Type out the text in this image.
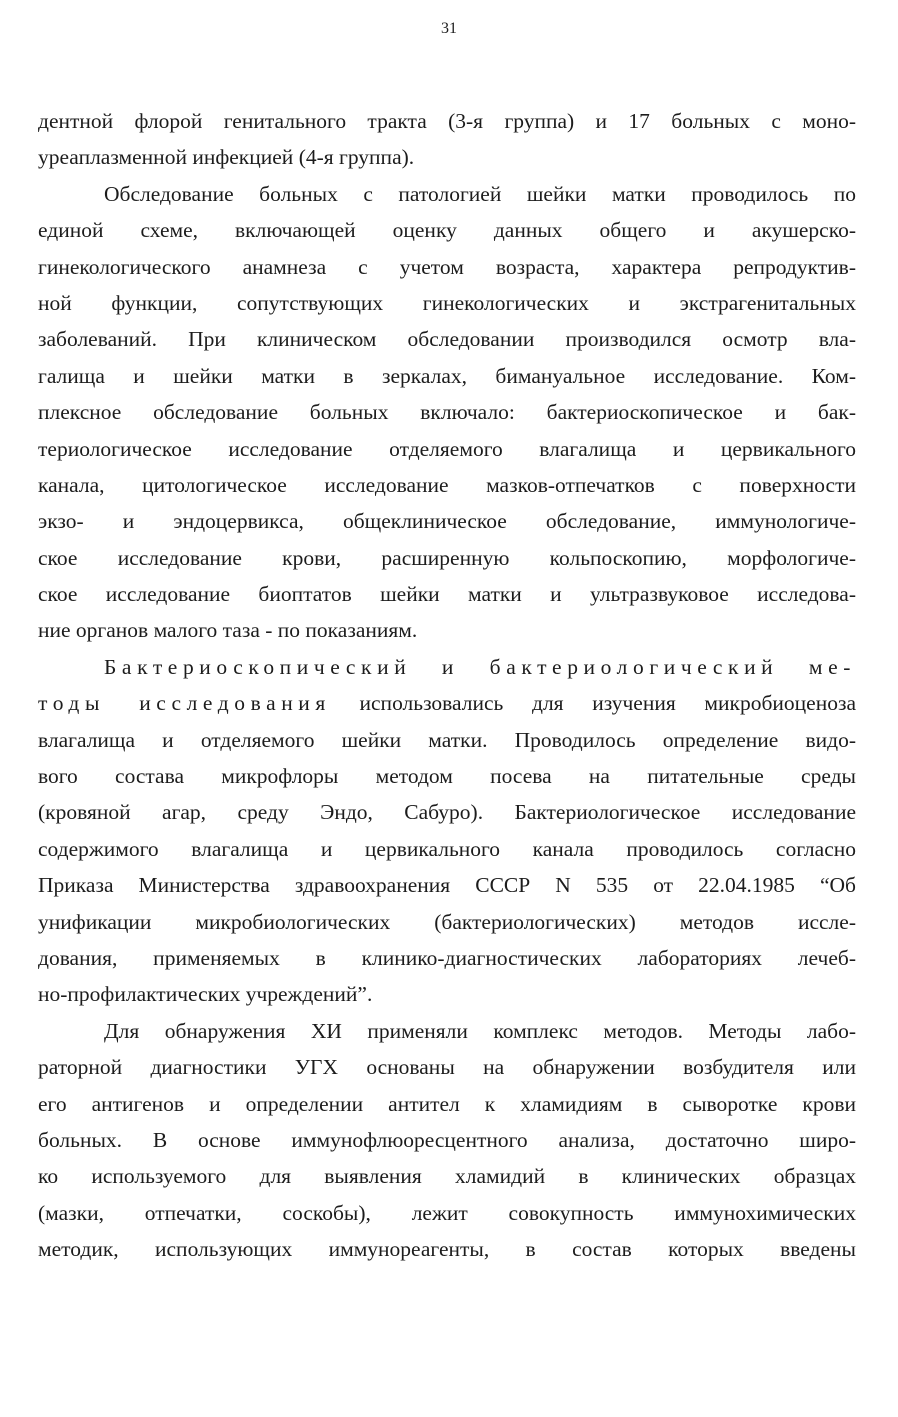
31
дентной флорой генитального тракта (3-я группа) и 17 больных с моно-
уреаплазменной инфекцией (4-я группа).
Обследование больных с патологией шейки матки проводилось по
единой схеме, включающей оценку данных общего и акушерско-
гинекологического анамнеза с учетом возраста, характера репродуктив-
ной функции, сопутствующих гинекологических и экстрагенитальных
заболеваний. При клиническом обследовании производился осмотр вла-
галища и шейки матки в зеркалах, бимануальное исследование. Ком-
плексное обследование больных включало: бактериоскопическое и бак-
териологическое исследование отделяемого влагалища и цервикального
канала, цитологическое исследование мазков-отпечатков с поверхности
экзо- и эндоцервикса, общеклиническое обследование, иммунологиче-
ское исследование крови, расширенную кольпоскопию, морфологиче-
ское исследование биоптатов шейки матки и ультразвуковое исследова-
ние органов малого таза - по показаниям.
Бактериоскопический и бактериологический ме-
тоды исследования использовались для изучения микробиоценоза
влагалища и отделяемого шейки матки. Проводилось определение видо-
вого состава микрофлоры методом посева на питательные среды
(кровяной агар, среду Эндо, Сабуро). Бактериологическое исследование
содержимого влагалища и цервикального канала проводилось согласно
Приказа Министерства здравоохранения СССР N 535 от 22.04.1985 “Об
унификации микробиологических (бактериологических) методов иссле-
дования, применяемых в клинико-диагностических лабораториях лечеб-
но-профилактических учреждений”.
Для обнаружения ХИ применяли комплекс методов. Методы лабо-
раторной диагностики УГХ основаны на обнаружении возбудителя или
его антигенов и определении антител к хламидиям в сыворотке крови
больных. В основе иммунофлюоресцентного анализа, достаточно широ-
ко используемого для выявления хламидий в клинических образцах
(мазки, отпечатки, соскобы), лежит совокупность иммунохимических
методик, использующих иммунореагенты, в состав которых введены
